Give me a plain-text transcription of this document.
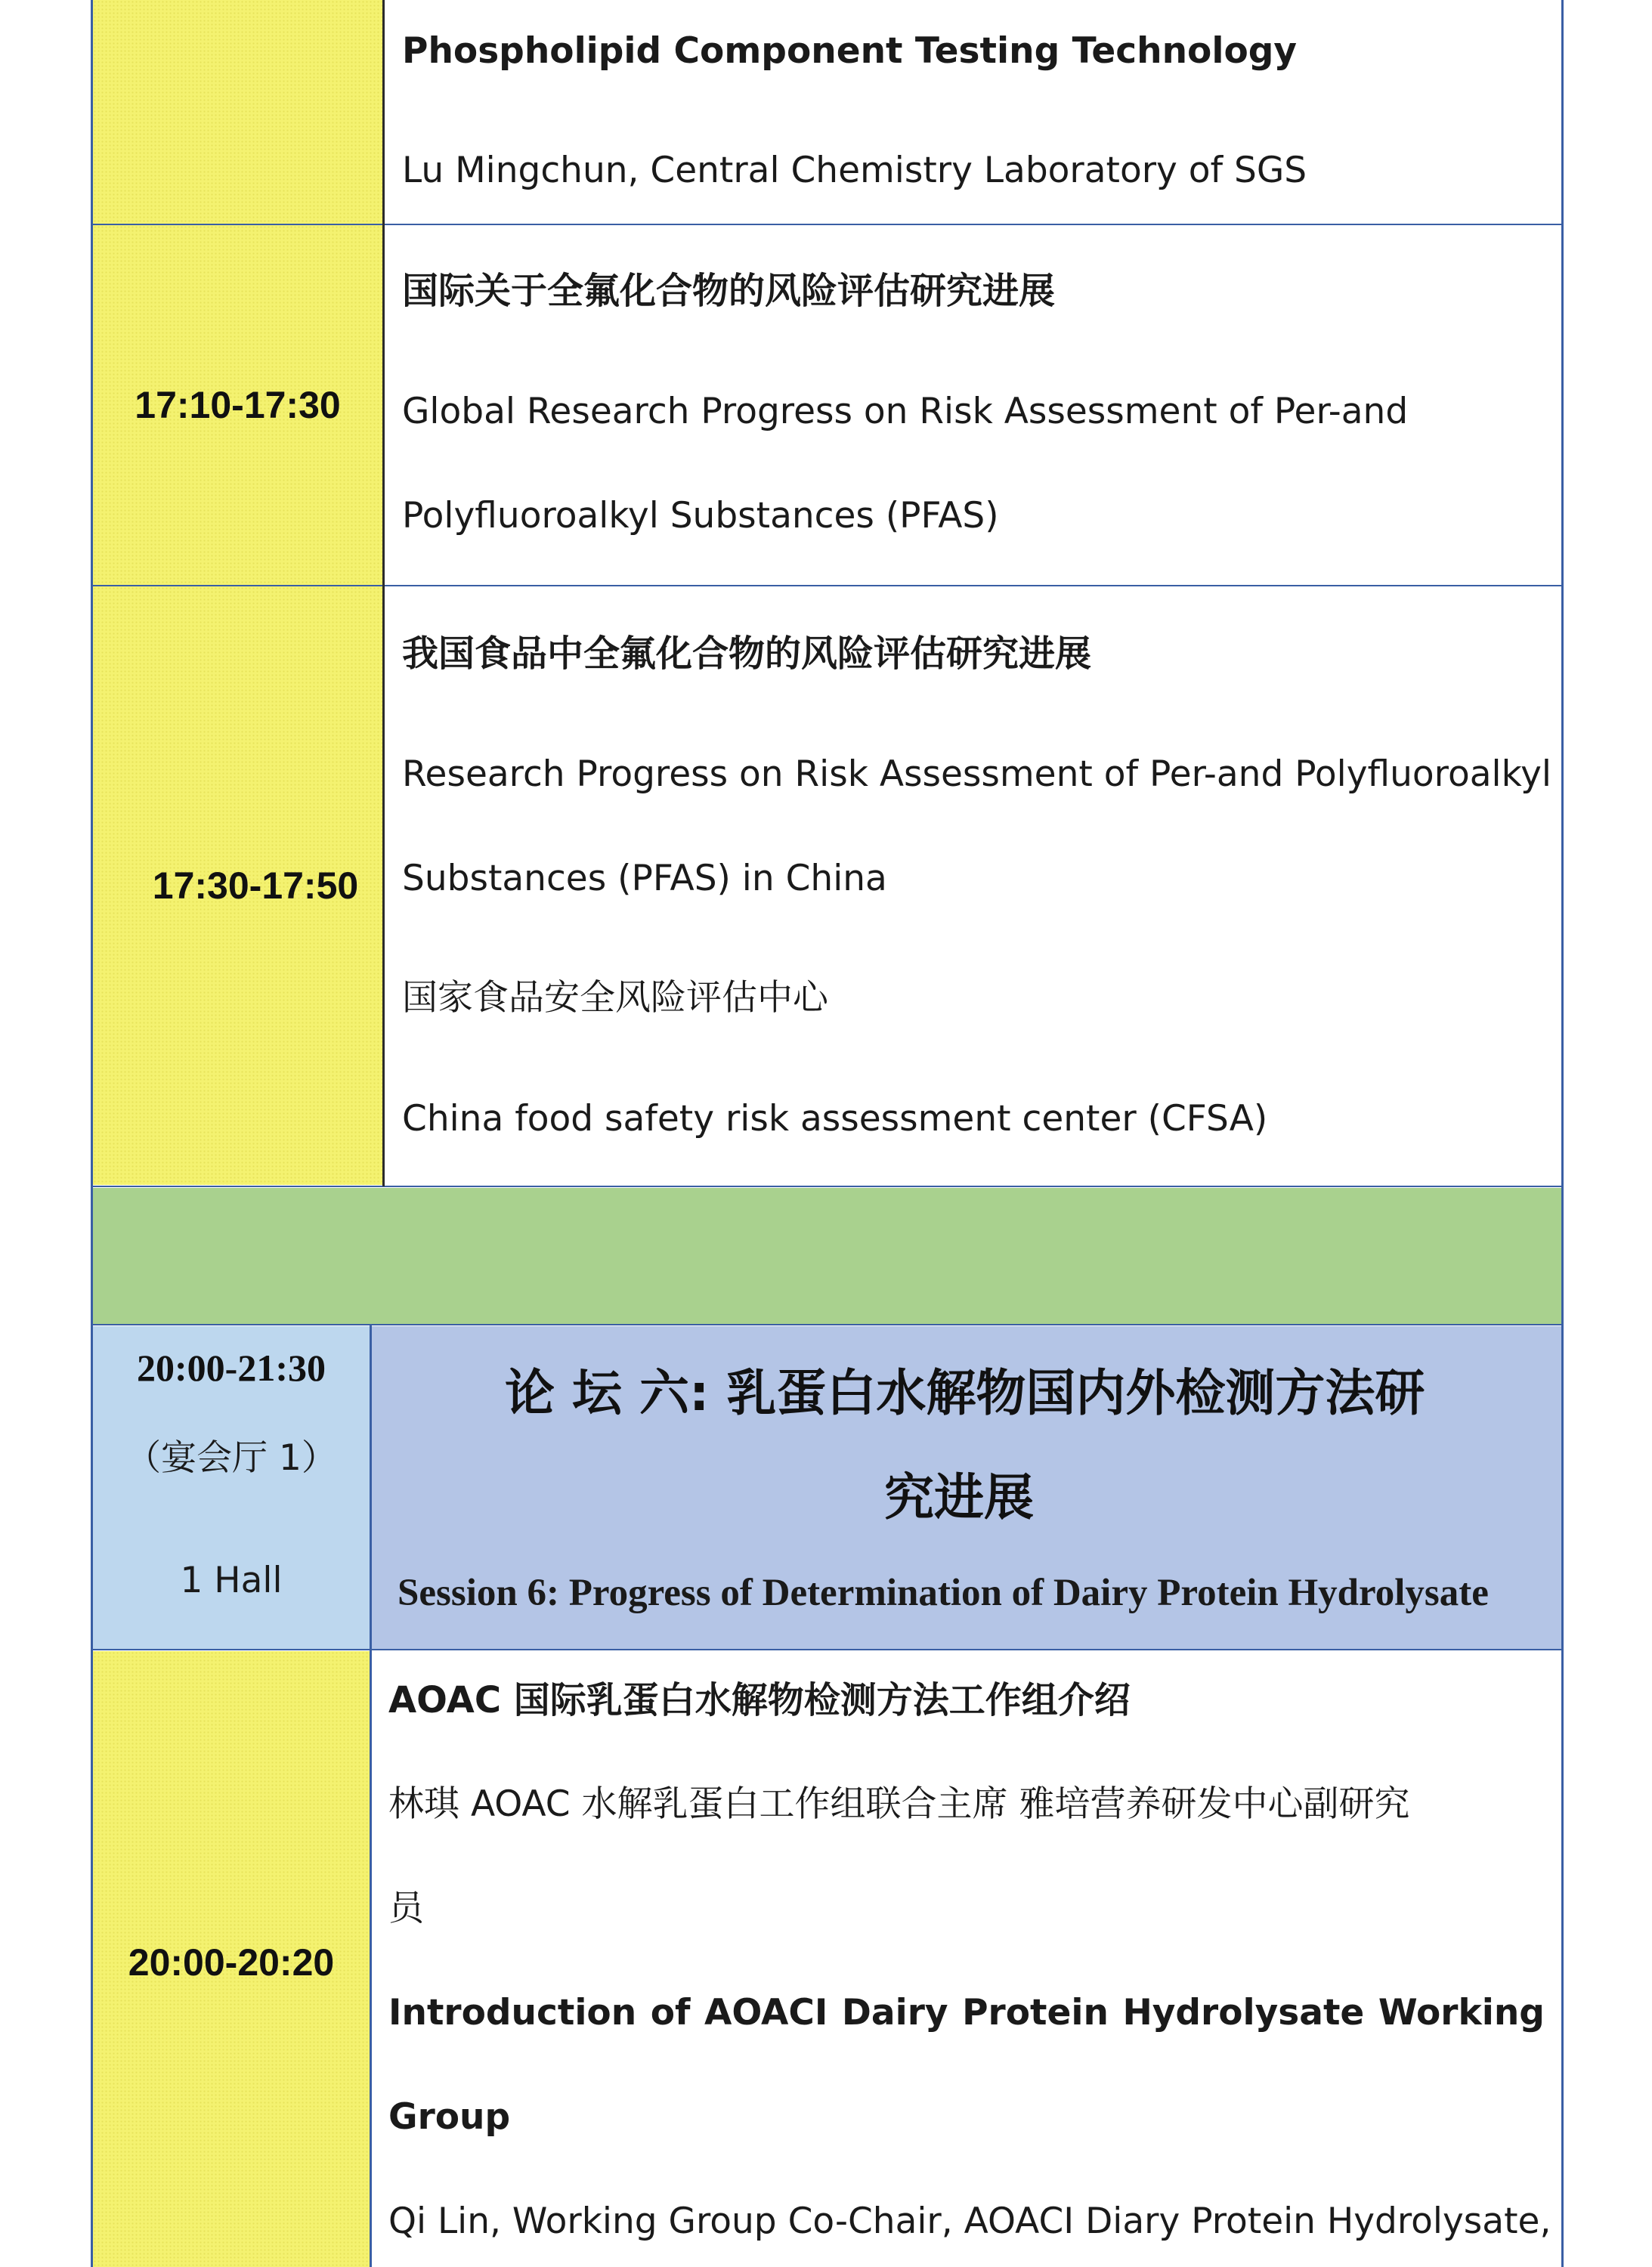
Phospholipid Component Testing Technology
Lu Mingchun, Central Chemistry Laboratory of SGS
17:10-17:30
国际关于全氟化合物的风险评估研究进展
Global Research Progress on Risk Assessment of Per-and
Polyfluoroalkyl Substances (PFAS)
17:30-17:50
我国食品中全氟化合物的风险评估研究进展
Research Progress on Risk Assessment of Per-and Polyfluoroalkyl
Substances (PFAS) in China
国家食品安全风险评估中心
China food safety risk assessment center (CFSA)
20:00-21:30
（宴会厅 1）
1 Hall
论 坛 六: 乳蛋白水解物国内外检测方法研
究进展
Session 6: Progress of Determination of Dairy Protein Hydrolysate
20:00-20:20
AOAC 国际乳蛋白水解物检测方法工作组介绍
林琪 AOAC 水解乳蛋白工作组联合主席 雅培营养研发中心副研究
员
Introduction of AOACI Dairy Protein Hydrolysate Working
Group
Qi Lin, Working Group Co-Chair, AOACI Diary Protein Hydrolysate,
